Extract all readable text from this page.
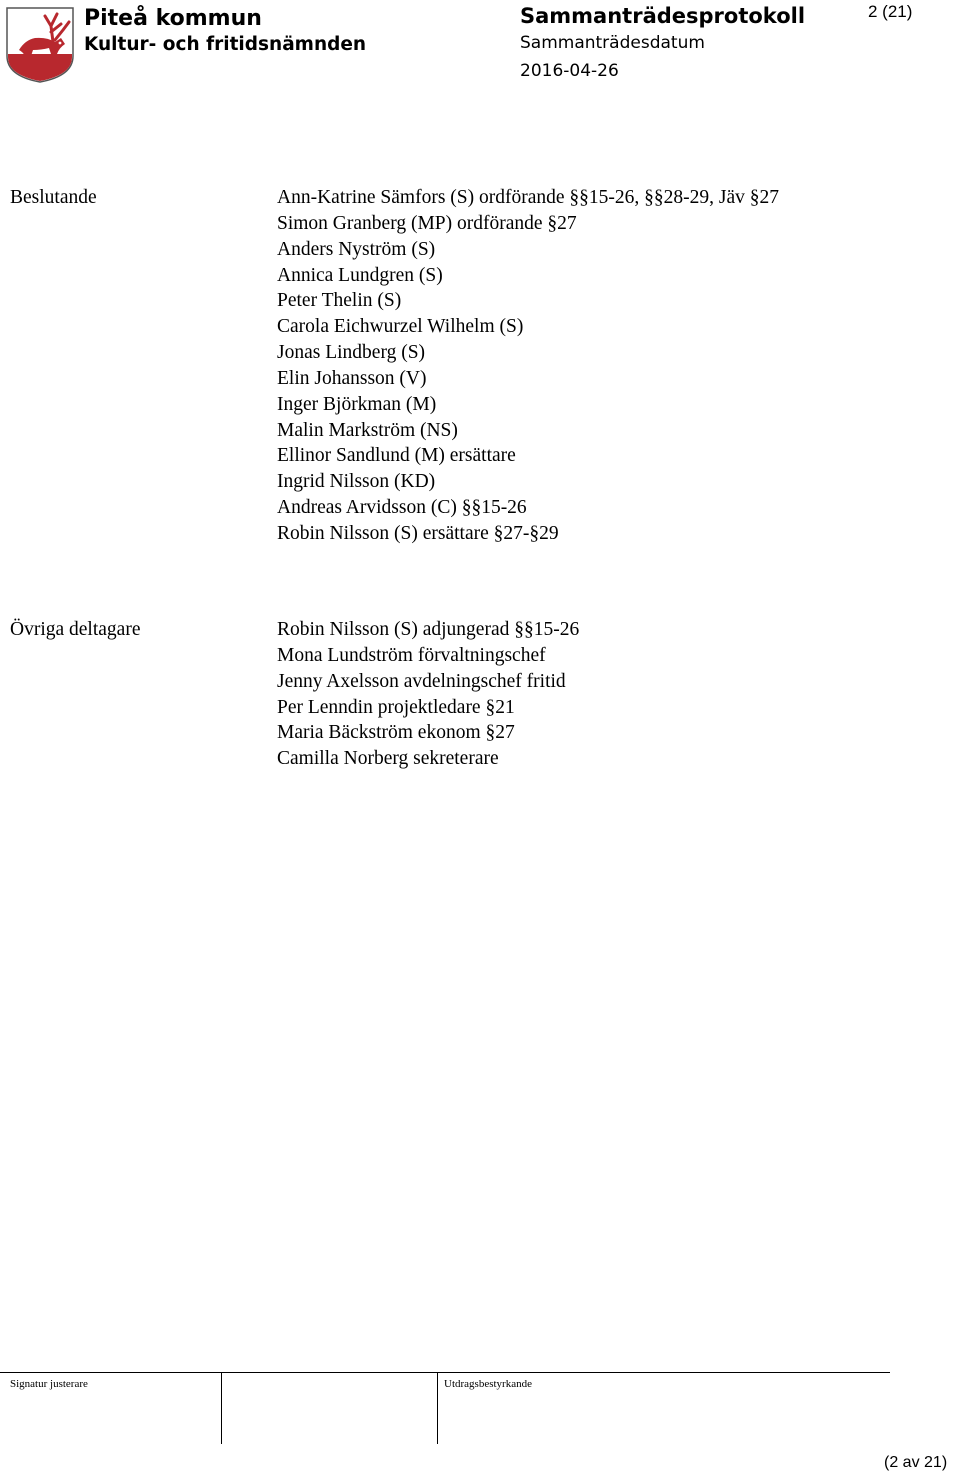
Piteå kommun
Kultur- och fritidsnämnden
Sammanträdesprotokoll
Sammanträdesdatum
2016-04-26
2 (21)
Beslutande	Ann-Katrine Sämfors (S) ordförande §§15-26, §§28-29, Jäv §27
Simon Granberg (MP) ordförande §27
Anders Nyström (S)
Annica Lundgren (S)
Peter Thelin (S)
Carola Eichwurzel Wilhelm (S)
Jonas Lindberg (S)
Elin Johansson (V)
Inger Björkman (M)
Malin Markström (NS)
Ellinor Sandlund (M) ersättare
Ingrid Nilsson (KD)
Andreas Arvidsson (C) §§15-26
Robin Nilsson (S) ersättare §27-§29
Övriga deltagare	Robin Nilsson (S) adjungerad §§15-26
Mona Lundström förvaltningschef
Jenny Axelsson avdelningschef fritid
Per Lenndin projektledare §21
Maria Bäckström ekonom §27
Camilla Norberg sekreterare
Signatur justerare	Utdragsbestyrkande
(2 av 21)
